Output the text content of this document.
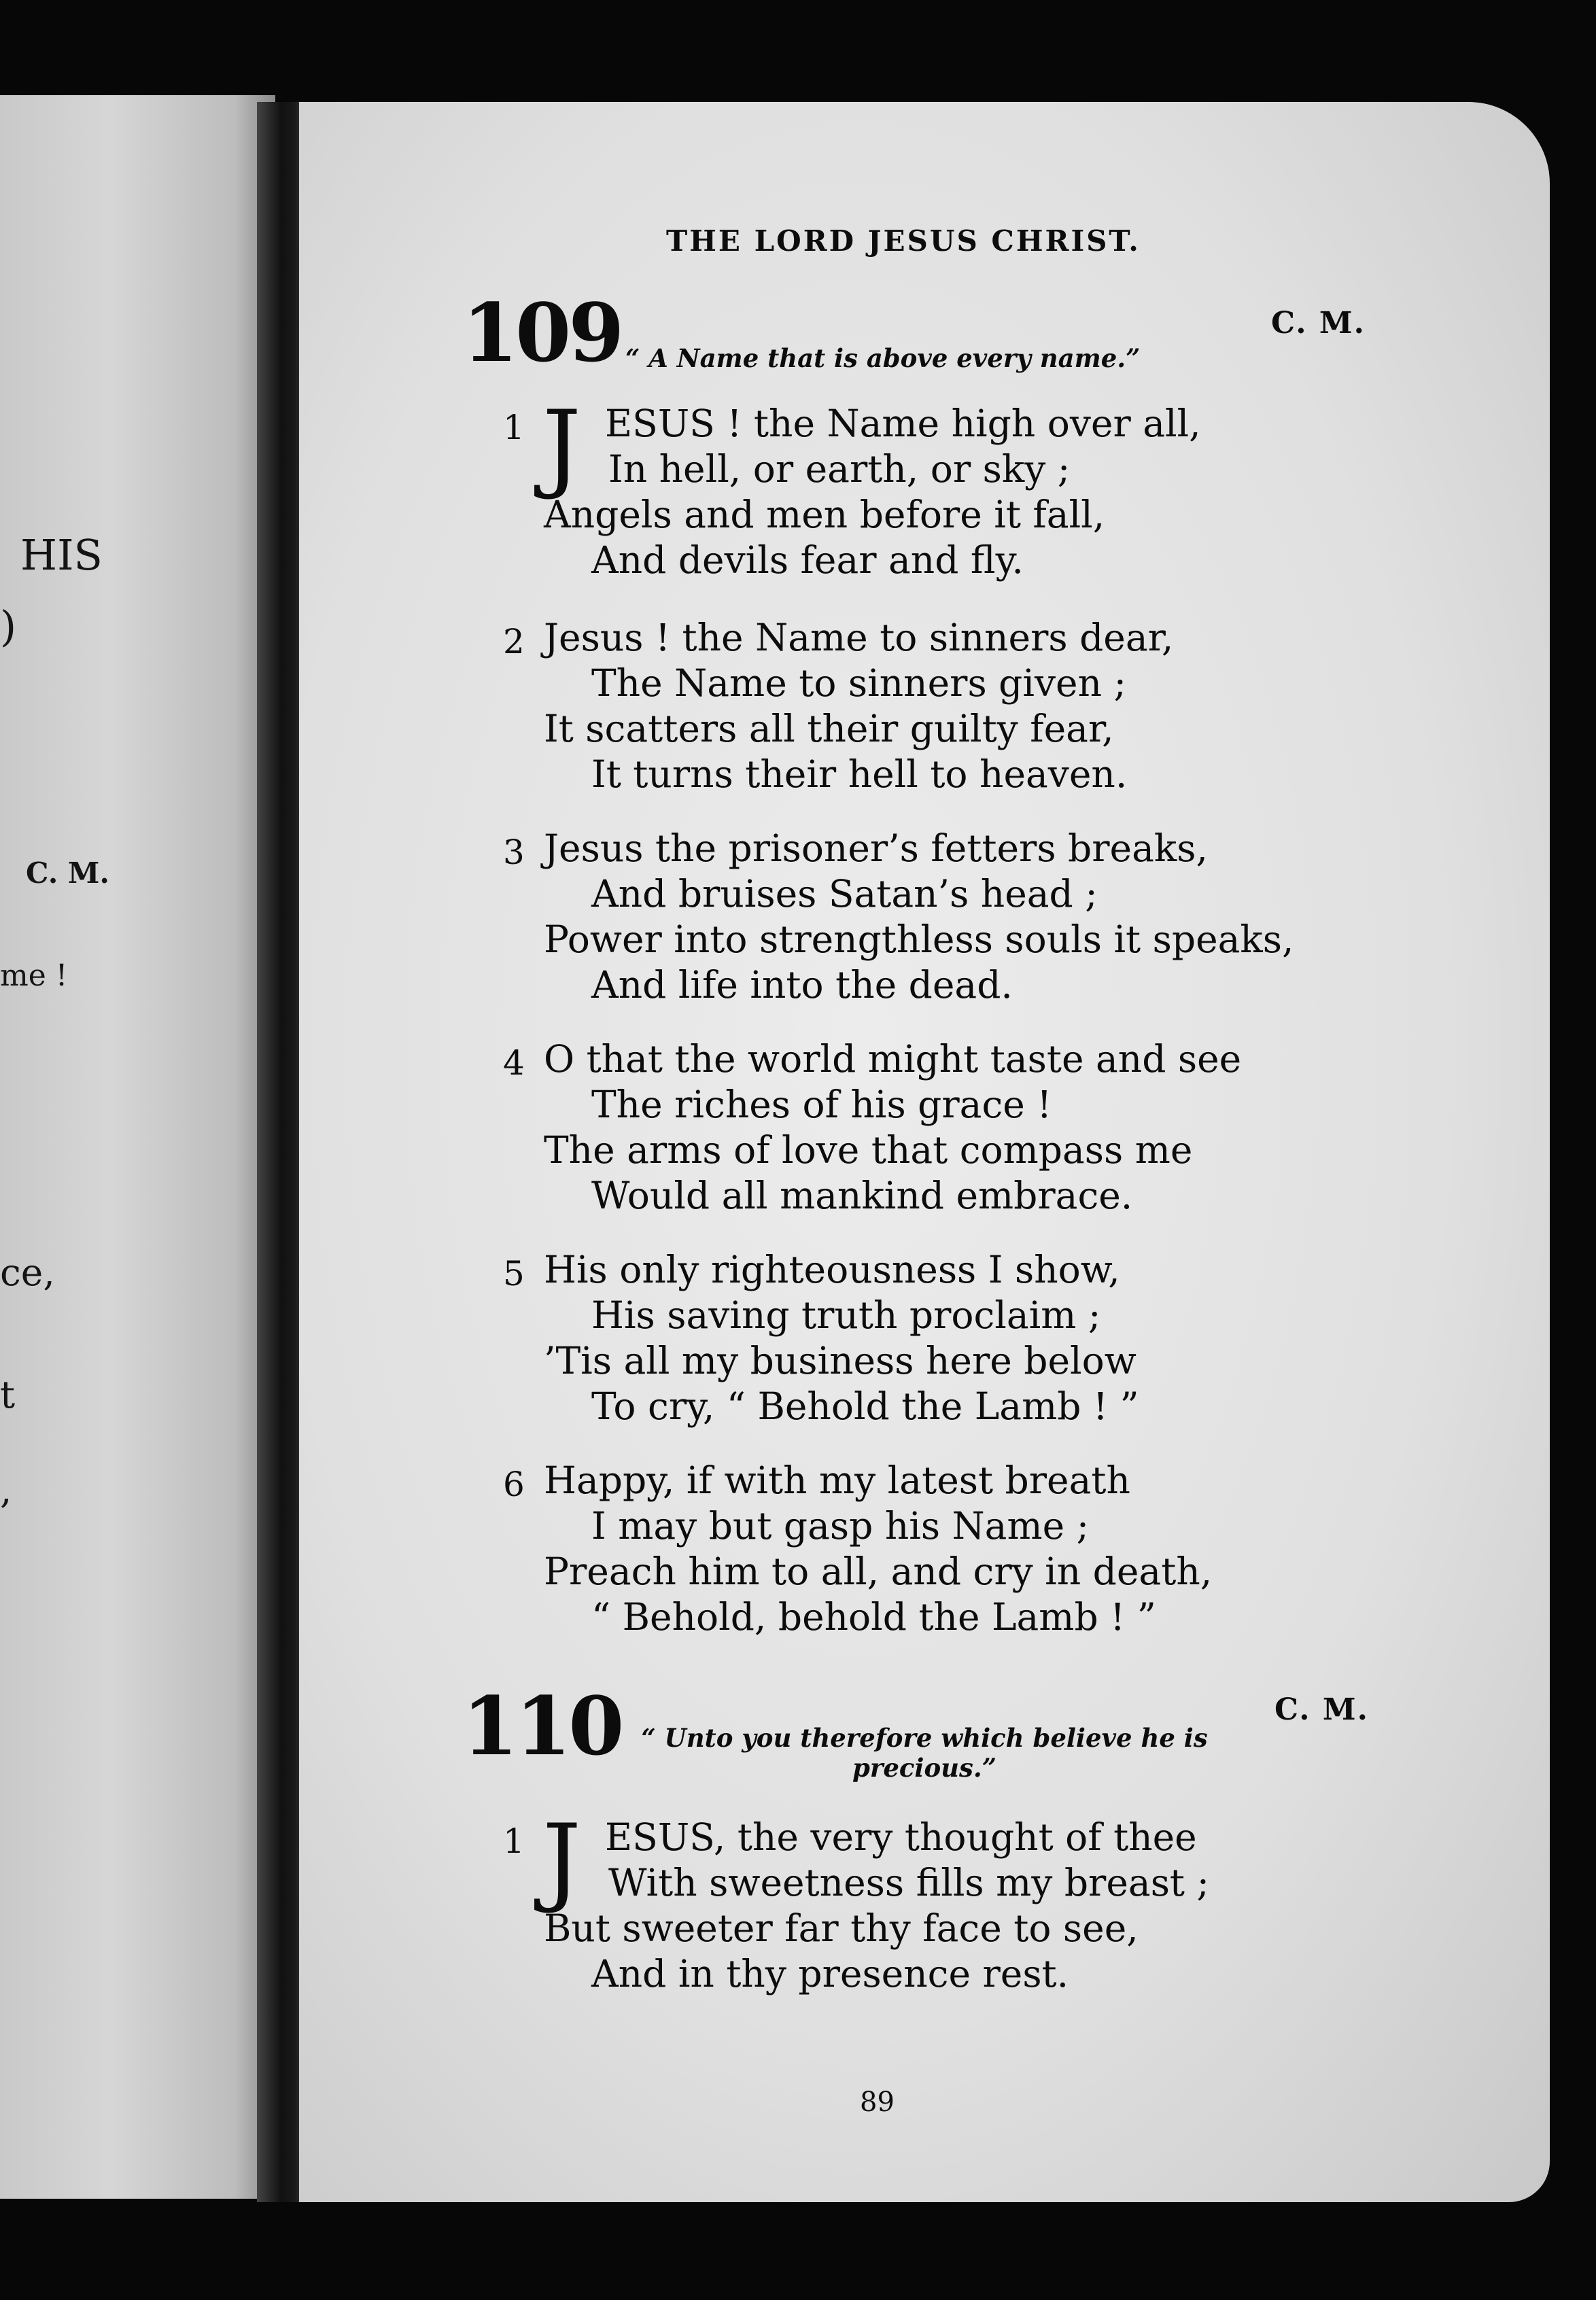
HIS
)
C. M.
me !
ce,
t
,
THE LORD JESUS CHRIST.
109	C. M.
“ A Name that is above every name.”
1 J ESUS ! the Name high over all,
In hell, or earth, or sky ;
Angels and men before it fall,
And devils fear and fly.
2 Jesus ! the Name to sinners dear,
The Name to sinners given ;
It scatters all their guilty fear,
It turns their hell to heaven.
3 Jesus the prisoner’s fetters breaks,
And bruises Satan’s head ;
Power into strengthless souls it speaks,
And life into the dead.
4 O that the world might taste and see
The riches of his grace !
The arms of love that compass me
Would all mankind embrace.
5 His only righteousness I show,
His saving truth proclaim ;
’Tis all my business here below
To cry, “ Behold the Lamb ! ”
6 Happy, if with my latest breath
I may but gasp his Name ;
Preach him to all, and cry in death,
“ Behold, behold the Lamb ! ”
110	C. M.
“ Unto you therefore which believe he is
precious.”
1 J ESUS, the very thought of thee
With sweetness fills my breast ;
But sweeter far thy face to see,
And in thy presence rest.
89
